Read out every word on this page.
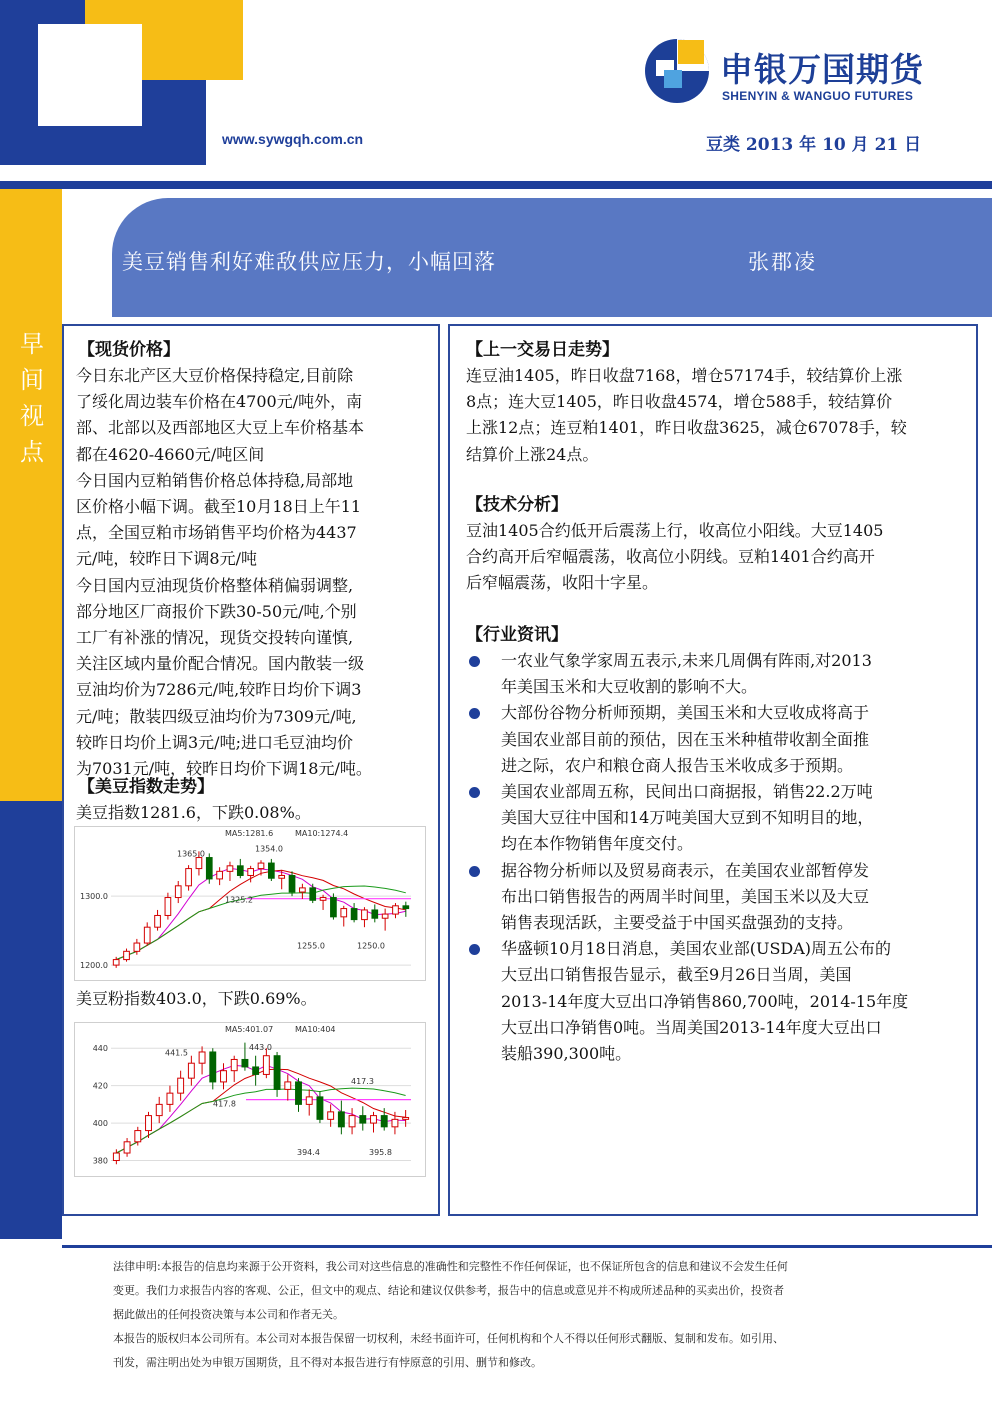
申银万国期货
SHENYIN & WANGUO FUTURES
www.sywgqh.com.cn	豆类 2013 年 10 月 21 日
早
间
视
点
美豆销售利好难敌供应压力，小幅回落	张郡凌
【现货价格】
今日东北产区大豆价格保持稳定,目前除
了绥化周边装车价格在4700元/吨外，南
部、北部以及西部地区大豆上车价格基本
都在4620-4660元/吨区间
今日国内豆粕销售价格总体持稳,局部地
区价格小幅下调。截至10月18日上午11
点，全国豆粕市场销售平均价格为4437
元/吨，较昨日下调8元/吨
今日国内豆油现货价格整体稍偏弱调整,
部分地区厂商报价下跌30-50元/吨,个别
工厂有补涨的情况，现货交投转向谨慎,
关注区域内量价配合情况。国内散装一级
豆油均价为7286元/吨,较昨日均价下调3
元/吨；散装四级豆油均价为7309元/吨,
较昨日均价上调3元/吨;进口毛豆油均价
为7031元/吨，较昨日均价下调18元/吨。
【美豆指数走势】
美豆指数1281.6，下跌0.08%。
美豆粉指数403.0，下跌0.69%。
1300.0
1200.0
MA5:1281.6	MA10:1274.4
1365.0
1354.0
1325.2
1255.0	1250.0
440
420
400
380
MA5:401.07	MA10:404
441.5
443.0
417.8
417.3
394.4	395.8
【上一交易日走势】
连豆油1405，昨日收盘7168，增仓57174手，较结算价上涨
8点；连大豆1405，昨日收盘4574，增仓588手，较结算价
上涨12点；连豆粕1401，昨日收盘3625，减仓67078手，较
结算价上涨24点。
【技术分析】
豆油1405合约低开后震荡上行，收高位小阳线。大豆1405
合约高开后窄幅震荡，收高位小阴线。豆粕1401合约高开
后窄幅震荡，收阳十字星。
【行业资讯】
一农业气象学家周五表示,未来几周偶有阵雨,对2013
年美国玉米和大豆收割的影响不大。
大部份谷物分析师预期，美国玉米和大豆收成将高于
美国农业部目前的预估，因在玉米种植带收割全面推
进之际，农户和粮仓商人报告玉米收成多于预期。
美国农业部周五称，民间出口商据报，销售22.2万吨
美国大豆往中国和14万吨美国大豆到不知明目的地，
均在本作物销售年度交付。
据谷物分析师以及贸易商表示，在美国农业部暂停发
布出口销售报告的两周半时间里，美国玉米以及大豆
销售表现活跃，主要受益于中国买盘强劲的支持。
华盛顿10月18日消息，美国农业部(USDA)周五公布的
大豆出口销售报告显示，截至9月26日当周，美国
2013-14年度大豆出口净销售860,700吨，2014-15年度
大豆出口净销售0吨。当周美国2013-14年度大豆出口
装船390,300吨。
法律申明:本报告的信息均来源于公开资料，我公司对这些信息的准确性和完整性不作任何保证，也不保证所包含的信息和建议不会发生任何
变更。我们力求报告内容的客观、公正，但文中的观点、结论和建议仅供参考，报告中的信息或意见并不构成所述品种的买卖出价，投资者
据此做出的任何投资决策与本公司和作者无关。
本报告的版权归本公司所有。本公司对本报告保留一切权利，未经书面许可，任何机构和个人不得以任何形式翻版、复制和发布。如引用、
刊发，需注明出处为申银万国期货，且不得对本报告进行有悖原意的引用、删节和修改。
